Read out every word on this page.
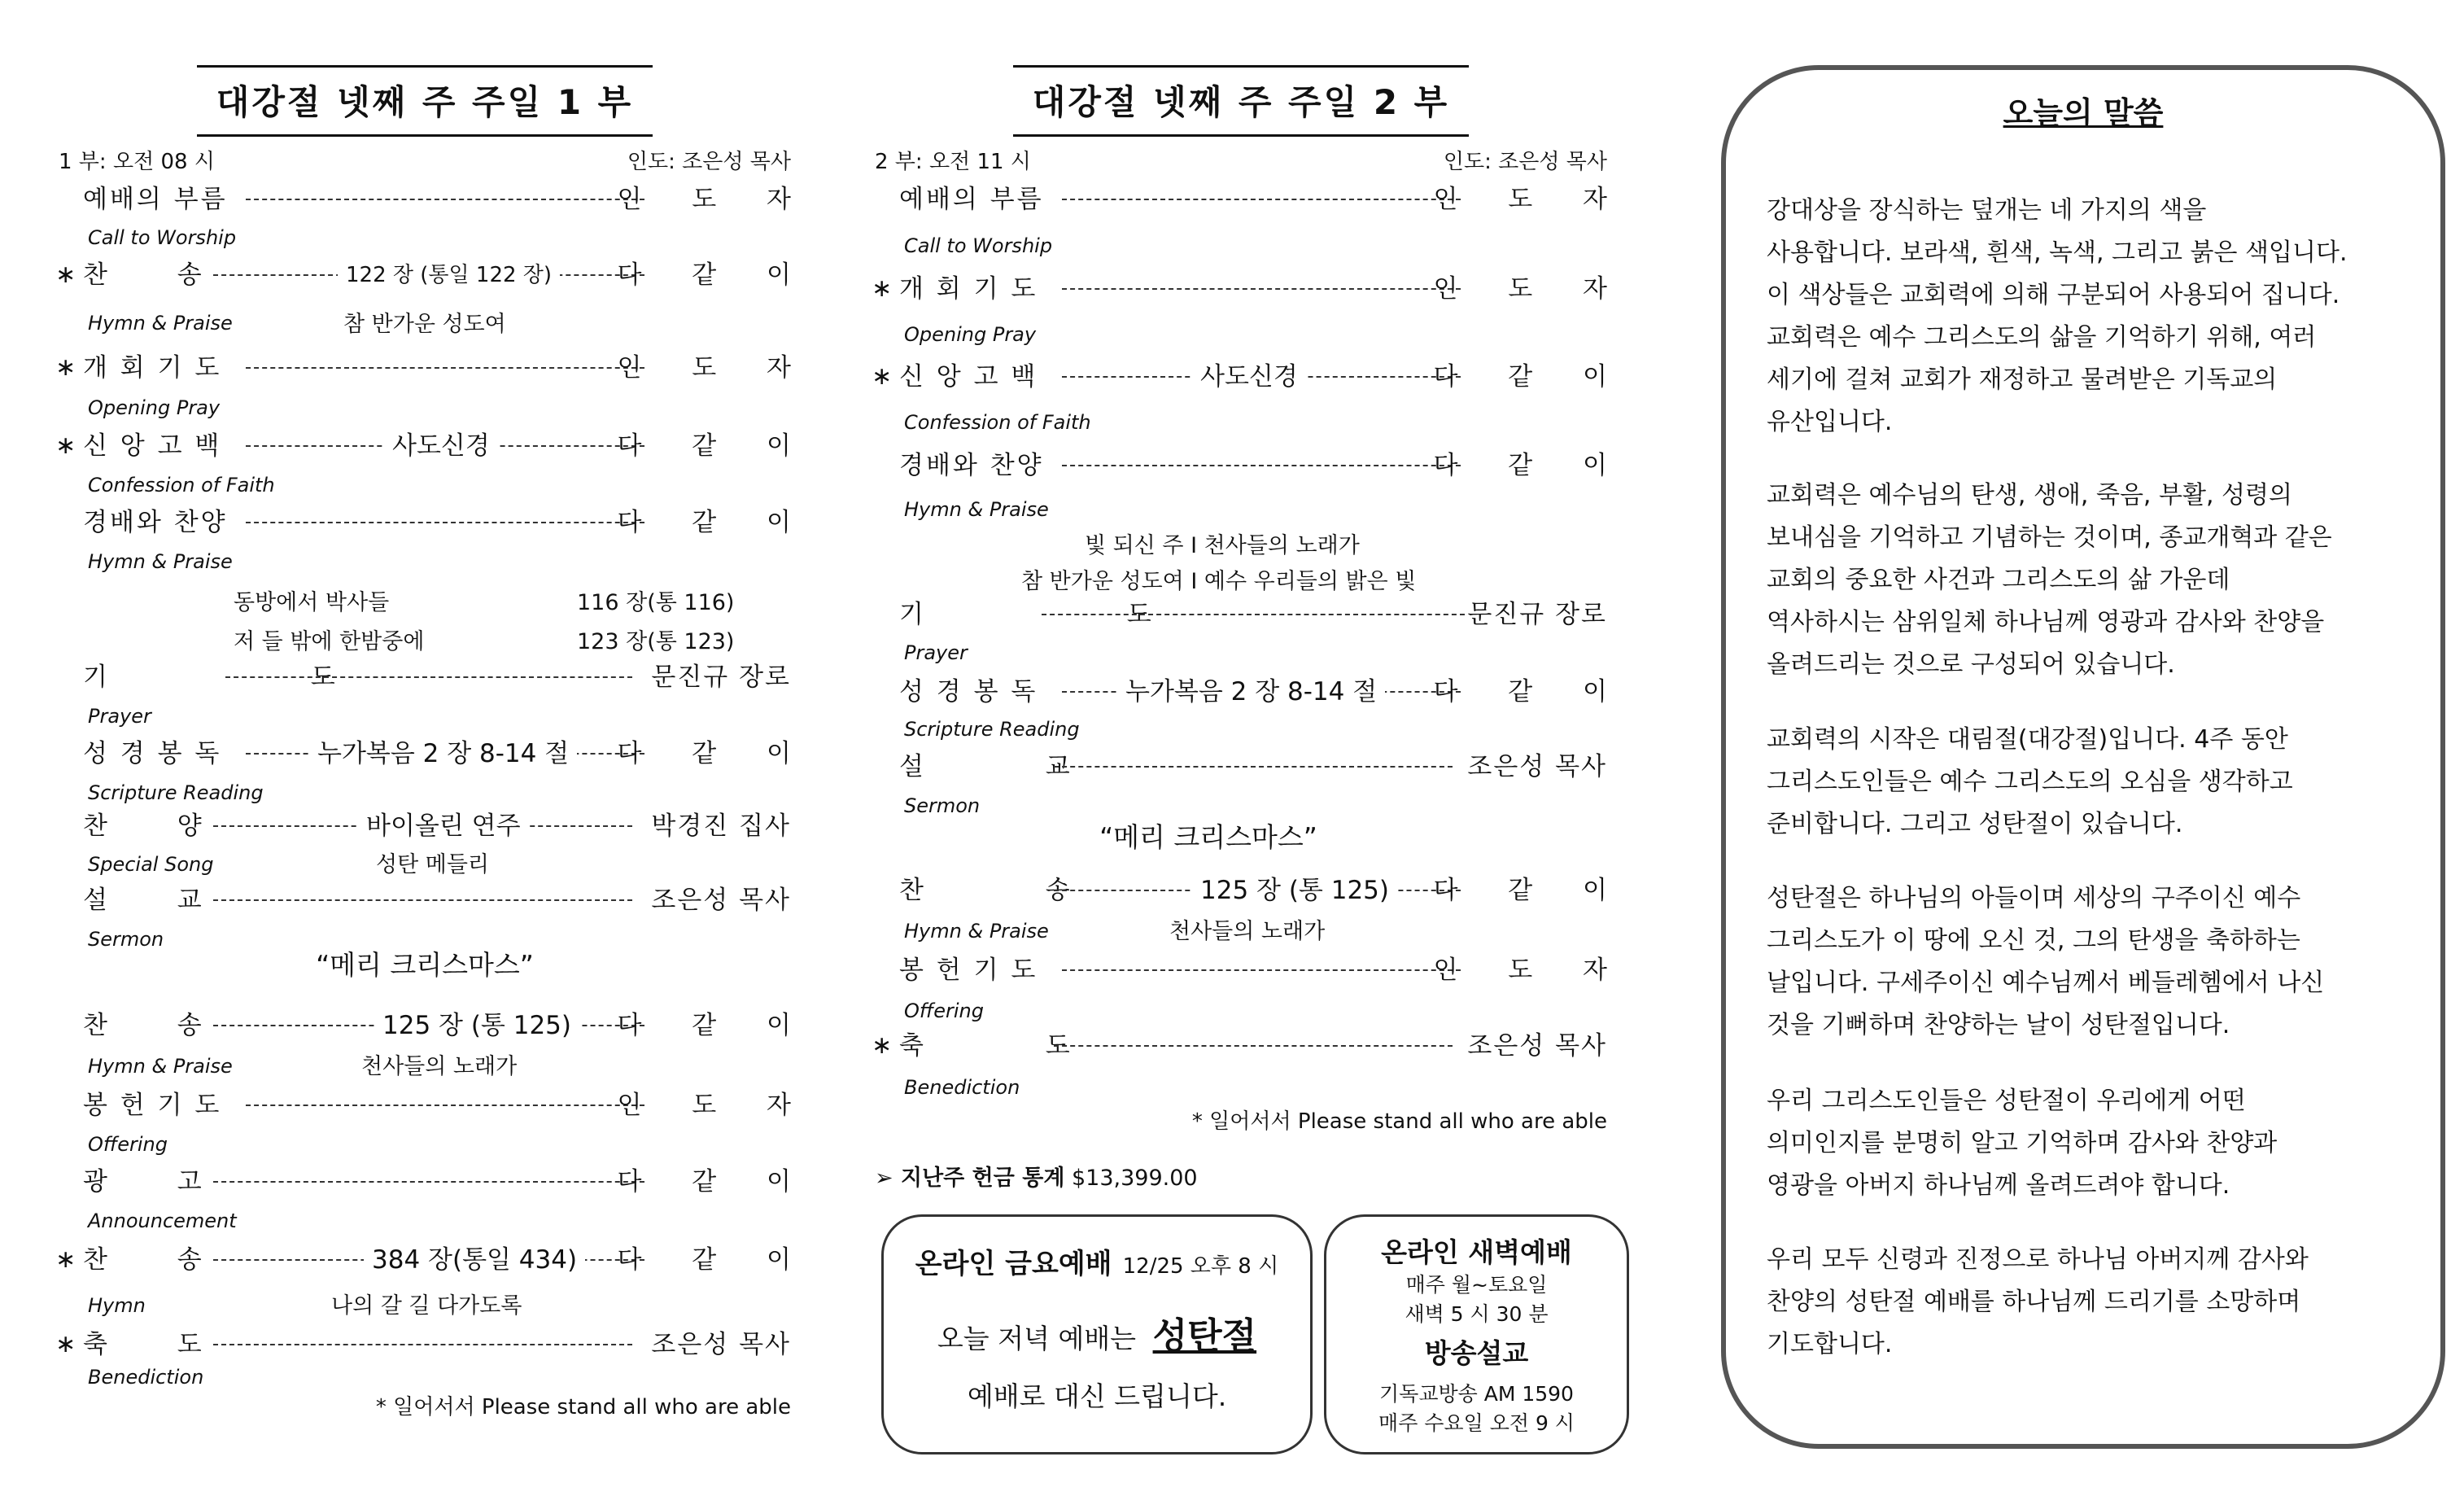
대강절 넷째 주 주일 1 부
1 부: 오전 08 시	인도: 조은성 목사
예배의 부름	인 도 자
Call to Worship
∗ 찬 송	122 장 (통일 122 장)	다 같 이
Hymn & Praise	참 반가운 성도여
∗ 개 회 기 도	인 도 자
Opening Pray
∗ 신 앙 고 백	사도신경	다 같 이
Confession of Faith
경배와 찬양	다 같 이
Hymn & Praise
동방에서 박사들	116 장(통 116)
저 들 밖에 한밤중에	123 장(통 123)
기 도	문진규 장로
Prayer
성 경 봉 독	누가복음 2 장 8-14 절	다 같 이
Scripture Reading
찬 양	바이올린 연주	박경진 집사
Special Song	성탄 메들리
설 교	조은성 목사
Sermon
“메리 크리스마스”
찬 송	125 장 (통 125)	다 같 이
Hymn & Praise	천사들의 노래가
봉 헌 기 도	인 도 자
Offering
광 고	다 같 이
Announcement
∗ 찬 송	384 장(통일 434)	다 같 이
Hymn	나의 갈 길 다가도록
∗ 축 도	조은성 목사
Benediction
* 일어서서 Please stand all who are able
대강절 넷째 주 주일 2 부
2 부: 오전 11 시	인도: 조은성 목사
예배의 부름	인 도 자
Call to Worship
∗ 개 회 기 도	인 도 자
Opening Pray
∗ 신 앙 고 백	사도신경	다 같 이
Confession of Faith
경배와 찬양	다 같 이
Hymn & Praise
빛 되신 주 I 천사들의 노래가
참 반가운 성도여 I 예수 우리들의 밝은 빛
기 도	문진규 장로
Prayer
성 경 봉 독	누가복음 2 장 8-14 절	다 같 이
Scripture Reading
설 교	조은성 목사
Sermon
“메리 크리스마스”
찬 송	125 장 (통 125)	다 같 이
Hymn & Praise	천사들의 노래가
봉 헌 기 도	인 도 자
Offering
∗ 축 도	조은성 목사
Benediction
* 일어서서 Please stand all who are able
➢ 지난주 헌금 통계 $13,399.00
온라인 금요예배 12/25 오후 8 시
오늘 저녁 예배는 성탄절
예배로 대신 드립니다.
온라인 새벽예배
매주 월~토요일
새벽 5 시 30 분
방송설교
기독교방송 AM 1590
매주 수요일 오전 9 시
오늘의 말씀
강대상을 장식하는 덮개는 네 가지의 색을
사용합니다. 보라색, 흰색, 녹색, 그리고 붉은 색입니다.
이 색상들은 교회력에 의해 구분되어 사용되어 집니다.
교회력은 예수 그리스도의 삶을 기억하기 위해, 여러
세기에 걸쳐 교회가 재정하고 물려받은 기독교의
유산입니다.
교회력은 예수님의 탄생, 생애, 죽음, 부활, 성령의
보내심을 기억하고 기념하는 것이며, 종교개혁과 같은
교회의 중요한 사건과 그리스도의 삶 가운데
역사하시는 삼위일체 하나님께 영광과 감사와 찬양을
올려드리는 것으로 구성되어 있습니다.
교회력의 시작은 대림절(대강절)입니다. 4주 동안
그리스도인들은 예수 그리스도의 오심을 생각하고
준비합니다. 그리고 성탄절이 있습니다.
성탄절은 하나님의 아들이며 세상의 구주이신 예수
그리스도가 이 땅에 오신 것, 그의 탄생을 축하하는
날입니다. 구세주이신 예수님께서 베들레헴에서 나신
것을 기뻐하며 찬양하는 날이 성탄절입니다.
우리 그리스도인들은 성탄절이 우리에게 어떤
의미인지를 분명히 알고 기억하며 감사와 찬양과
영광을 아버지 하나님께 올려드려야 합니다.
우리 모두 신령과 진정으로 하나님 아버지께 감사와
찬양의 성탄절 예배를 하나님께 드리기를 소망하며
기도합니다.
